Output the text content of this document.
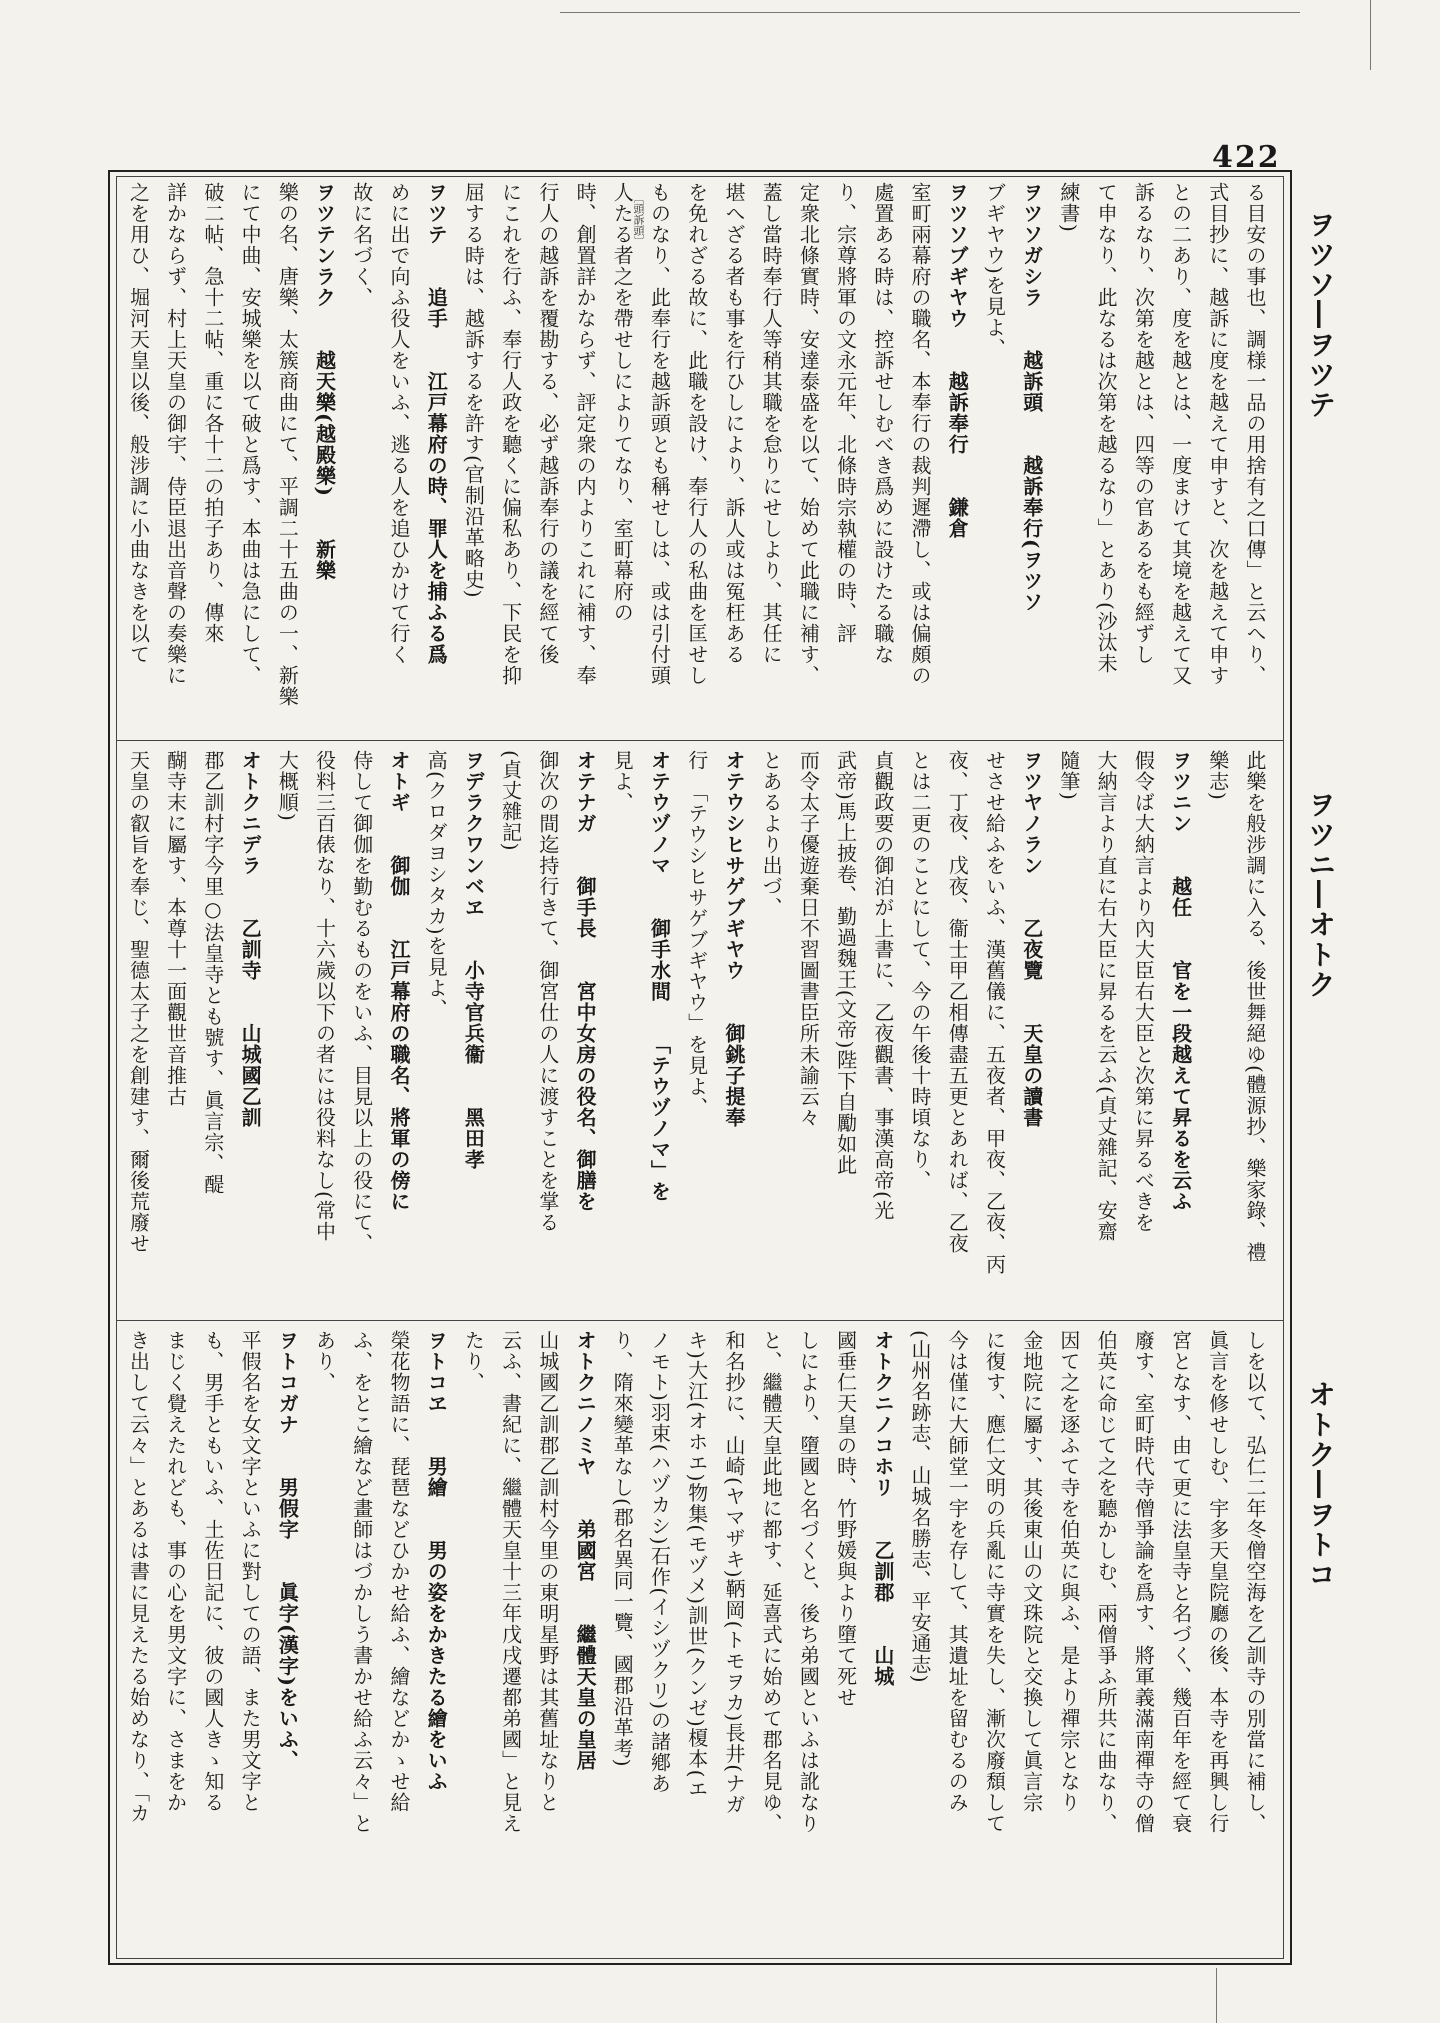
422
ヲツソ―ヲツテ
ヲツニ―オトク
オトク―ヲトコ
〔頭訴頭〕	る目安の事也、調様一品の用捨有之口傳」と云へり、
式目抄に、越訴に度を越えて申すと、次を越えて申す
との二あり、度を越とは、一度まけて其境を越えて又
訴るなり、次第を越とは、四等の官あるをも經ずし
て申なり、此なるは次第を越るなり」とあり(沙汰未
練書)
ヲツソガシラ　　越訴頭　　越訴奉行(ヲツソ
ブギヤウ)を見よ、
ヲツソブギヤウ　　越訴奉行　　鎌倉
室町兩幕府の職名、本奉行の裁判遲滯し、或は偏頗の
處置ある時は、控訴せしむべき爲めに設けたる職な
り、宗尊將軍の文永元年、北條時宗執權の時、評
定衆北條實時、安達泰盛を以て、始めて此職に補す、
蓋し當時奉行人等稍其職を怠りにせしより、其任に
堪へざる者も事を行ひしにより、訴人或は冤枉ある
を免れざる故に、此職を設け、奉行人の私曲を匡せし
ものなり、此奉行を越訴頭とも稱せしは、或は引付頭
人たる者之を帶せしによりてなり、室町幕府の
時、創置詳かならず、評定衆の内よりこれに補す、奉
行人の越訴を覆勘する、必ず越訴奉行の議を經て後
にこれを行ふ、奉行人政を聽くに偏私あり、下民を抑
屈する時は、越訴するを許す(官制沿革略史)
ヲツテ　　追手　　江戸幕府の時、罪人を捕ふる爲
めに出で向ふ役人をいふ、逃る人を追ひかけて行く
故に名づく、
ヲツテンラク　　越天樂(越殿樂)　　新樂
樂の名、唐樂、太簇商曲にて、平調二十五曲の一、新樂
にて中曲、安城樂を以て破と爲す、本曲は急にして、
破二帖、急十二帖、重に各十二の拍子あり、傳來
詳かならず、村上天皇の御宇、侍臣退出音聲の奏樂に
之を用ひ、堀河天皇以後、般涉調に小曲なきを以て
此樂を般涉調に入る、後世舞絕ゆ(體源抄、樂家錄、禮
樂志)
ヲツニン　　越任　　官を一段越えて昇るを云ふ
假令ば大納言より內大臣右大臣と次第に昇るべきを
大納言より直に右大臣に昇るを云ふ(貞丈雜記、安齋
隨筆)
ヲツヤノラン　　乙夜覽　　天皇の讀書
せさせ給ふをいふ、漢舊儀に、五夜者、甲夜、乙夜、丙
夜、丁夜、戊夜、衞士甲乙相傳盡五更とあれば、乙夜
とは二更のことにして、今の午後十時頃なり、
貞觀政要の御泊が上書に、乙夜觀書、事漢高帝(光
武帝)馬上披卷、勤過魏王(文帝)陛下自勵如此
而令太子優遊棄日不習圖書臣所未諭云々
とあるより出づ、
オテウシヒサゲブギヤウ　　御銚子提奉
行　「テウシヒサゲブギヤウ」を見よ、
オテウヅノマ　　御手水間　　「テウヅノマ」を
見よ、
オテナガ　　御手長　　宮中女房の役名、御膳を
御次の間迄持行きて、御宮仕の人に渡すことを掌る
(貞丈雜記)
ヲデラクワンベヱ　　小寺官兵衞　　黑田孝
高(クロダヨシタカ)を見よ、
オトギ　　御伽　　江戸幕府の職名、將軍の傍に
侍して御伽を勤むるものをいふ、目見以上の役にて、
役料三百俵なり、十六歲以下の者には役料なし(常中
大概順)
オトクニデラ　　乙訓寺　　山城國乙訓
郡乙訓村字今里○法皇寺とも號す、眞言宗、醍
醐寺末に屬す、本尊十一面觀世音推古
天皇の叡旨を奉じ、聖德太子之を創建す、爾後荒廢せ
しを以て、弘仁二年冬僧空海を乙訓寺の別當に補し、
眞言を修せしむ、宇多天皇院廳の後、本寺を再興し行
宮となす、由て更に法皇寺と名づく、幾百年を經て衰
廢す、室町時代寺僧爭論を爲す、將軍義滿南禪寺の僧
伯英に命じて之を聽かしむ、兩僧爭ふ所共に曲なり、
因て之を逐ふて寺を伯英に與ふ、是より禪宗となり
金地院に屬す、其後東山の文珠院と交換して眞言宗
に復す、應仁文明の兵亂に寺實を失し、漸次廢頹して
今は僅に大師堂一宇を存して、其遺址を留むるのみ
(山州名跡志、山城名勝志、平安通志)
オトクニノコホリ　　乙訓郡　　山城
國垂仁天皇の時、竹野媛與より墮て死せ
しにより、墮國と名づくと、後ち弟國といふは訛なり
と、繼體天皇此地に都す、延喜式に始めて郡名見ゆ、
和名抄に、山崎(ヤマザキ)鞆岡(トモヲカ)長井(ナガ
キ)大江(オホエ)物集(モヅメ)訓世(クンゼ)榎本(エ
ノモト)羽束(ハヅカシ)石作(イシヅクリ)の諸鄕あ
り、隋來變革なし(郡名異同一覽、國郡沿革考)
オトクニノミヤ　　弟國宮　　繼體天皇の皇居
山城國乙訓郡乙訓村今里の東明星野は其舊址なりと
云ふ、書紀に、繼體天皇十三年戊戌遷都弟國」と見え
たり、
ヲトコヱ　　男繪　　男の姿をかきたる繪をいふ
榮花物語に、琵琶などひかせ給ふ、繪などかゝせ給
ふ、をとこ繪など畫師はづかしう書かせ給ふ云々」と
あり、
ヲトコガナ　　男假字　　眞字(漢字)をいふ、
平假名を女文字といふに對しての語、また男文字と
も、男手ともいふ、土佐日記に、彼の國人きゝ知る
まじく覺えたれども、事の心を男文字に、さまをか
き出して云々」とあるは書に見えたる始めなり、「カ
